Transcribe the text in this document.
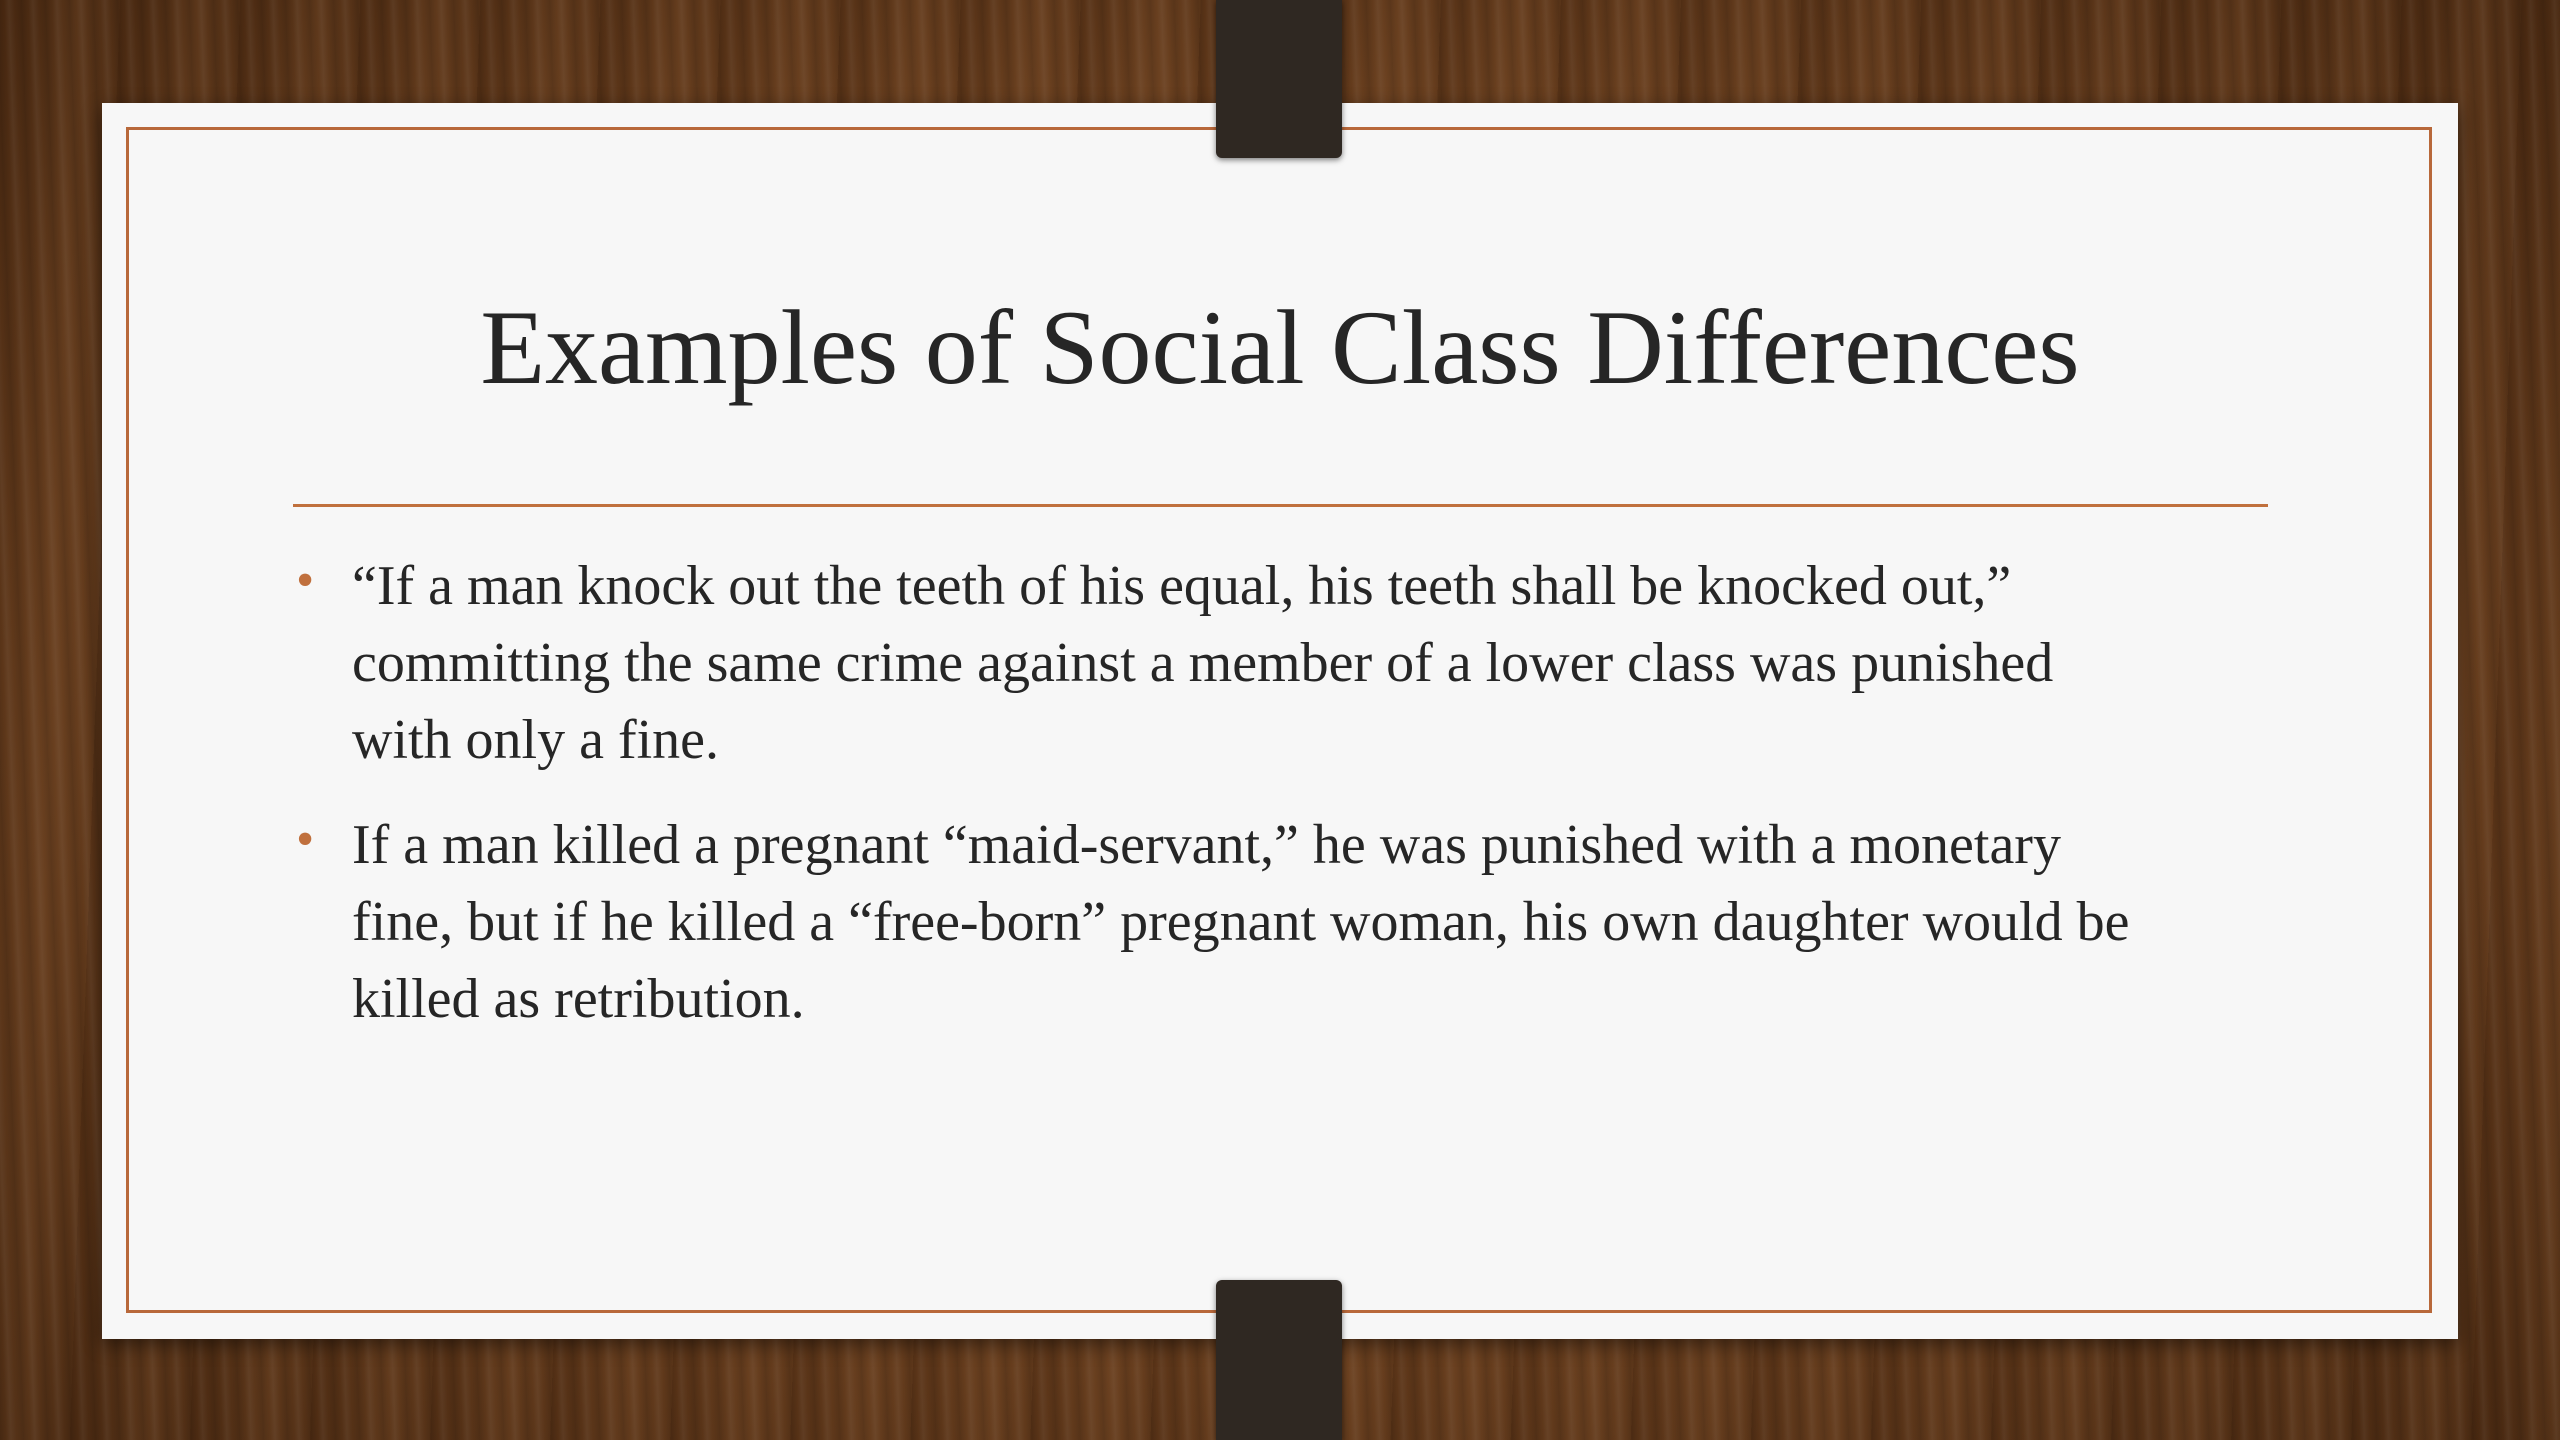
Examples of Social Class Differences
• “If a man knock out the teeth of his equal, his teeth shall be knocked out,” committing the same crime against a member of a lower class was punished with only a fine.
• If a man killed a pregnant “maid-servant,” he was punished with a monetary fine, but if he killed a “free-born” pregnant woman, his own daughter would be killed as retribution.
